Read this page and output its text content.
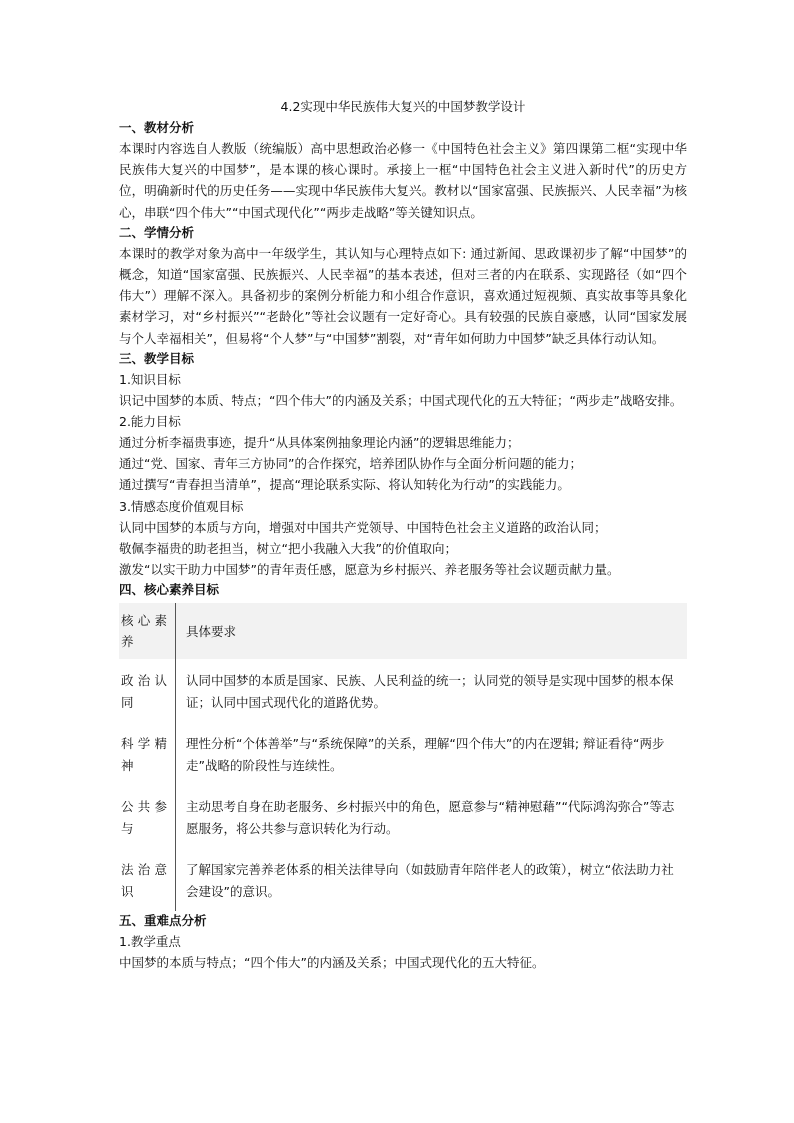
4.2实现中华民族伟大复兴的中国梦教学设计

一、教材分析

本课时内容选自人教版（统编版）高中思想政治必修一《中国特色社会主义》第四课第二框“实现中华民族伟大复兴的中国梦”，是本课的核心课时。承接上一框“中国特色社会主义进入新时代”的历史方位，明确新时代的历史任务——实现中华民族伟大复兴。教材以“国家富强、民族振兴、人民幸福”为核心，串联“四个伟大”“中国式现代化”“两步走战略”等关键知识点。

二、学情分析

本课时的教学对象为高中一年级学生，其认知与心理特点如下: 通过新闻、思政课初步了解“中国梦”的概念，知道“国家富强、民族振兴、人民幸福”的基本表述，但对三者的内在联系、实现路径（如“四个伟大”）理解不深入。具备初步的案例分析能力和小组合作意识，喜欢通过短视频、真实故事等具象化素材学习，对“乡村振兴”“老龄化”等社会议题有一定好奇心。具有较强的民族自豪感，认同“国家发展与个人幸福相关”，但易将“个人梦”与“中国梦”割裂，对“青年如何助力中国梦”缺乏具体行动认知。

三、教学目标

1.知识目标

识记中国梦的本质、特点；“四个伟大”的内涵及关系；中国式现代化的五大特征；“两步走”战略安排。

2.能力目标

通过分析李福贵事迹，提升“从具体案例抽象理论内涵”的逻辑思维能力；

通过“党、国家、青年三方协同”的合作探究，培养团队协作与全面分析问题的能力；

通过撰写“青春担当清单”，提高“理论联系实际、将认知转化为行动”的实践能力。

3.情感态度价值观目标

认同中国梦的本质与方向，增强对中国共产党领导、中国特色社会主义道路的政治认同；

敬佩李福贵的助老担当，树立“把小我融入大我”的价值取向；

激发“以实干助力中国梦”的青年责任感，愿意为乡村振兴、养老服务等社会议题贡献力量。

四、核心素养目标

核心素养	具体要求

政治认同	认同中国梦的本质是国家、民族、人民利益的统一；认同党的领导是实现中国梦的根本保证；认同中国式现代化的道路优势。

科学精神	理性分析“个体善举”与“系统保障”的关系，理解“四个伟大”的内在逻辑; 辩证看待“两步走”战略的阶段性与连续性。

公共参与	主动思考自身在助老服务、乡村振兴中的角色，愿意参与“精神慰藉”“代际鸿沟弥合”等志愿服务，将公共参与意识转化为行动。

法治意识	了解国家完善养老体系的相关法律导向（如鼓励青年陪伴老人的政策），树立“依法助力社会建设”的意识。

五、重难点分析

1.教学重点

中国梦的本质与特点；“四个伟大”的内涵及关系；中国式现代化的五大特征。
